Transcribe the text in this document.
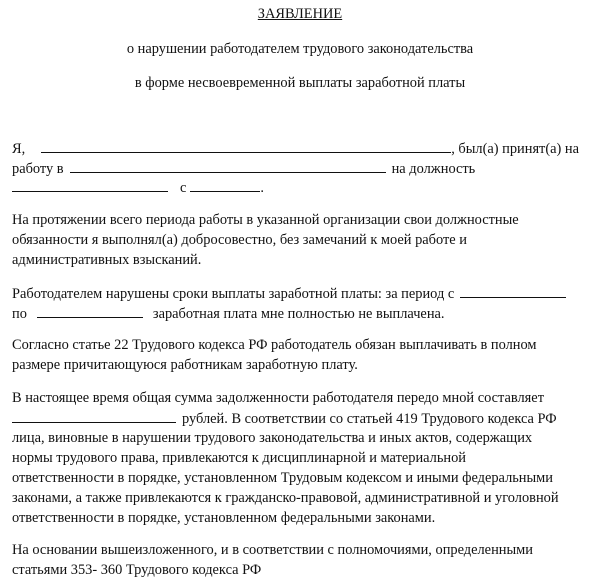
ЗАЯВЛЕНИЕ
о нарушении работодателем трудового законодательства
в форме несвоевременной выплаты заработной платы
Я,	, был(а) принят(а) на
работу в	на должность
с	.
На протяжении всего периода работы в указанной организации свои должностные
обязанности я выполнял(а) добросовестно, без замечаний к моей работе и
административных взысканий.
Работодателем нарушены сроки выплаты заработной платы: за период с
по	заработная плата мне полностью не выплачена.
Согласно статье 22 Трудового кодекса РФ работодатель обязан выплачивать в полном
размере причитающуюся работникам заработную плату.
В настоящее время общая сумма задолженности работодателя передо мной составляет
рублей. В соответствии со статьей 419 Трудового кодекса РФ
лица, виновные в нарушении трудового законодательства и иных актов, содержащих
нормы трудового права, привлекаются к дисциплинарной и материальной
ответственности в порядке, установленном Трудовым кодексом и иными федеральными
законами, а также привлекаются к гражданско-правовой, административной и уголовной
ответственности в порядке, установленном федеральными законами.
На основании вышеизложенного, и в соответствии с полномочиями, определенными
статьями 353- 360 Трудового кодекса РФ
